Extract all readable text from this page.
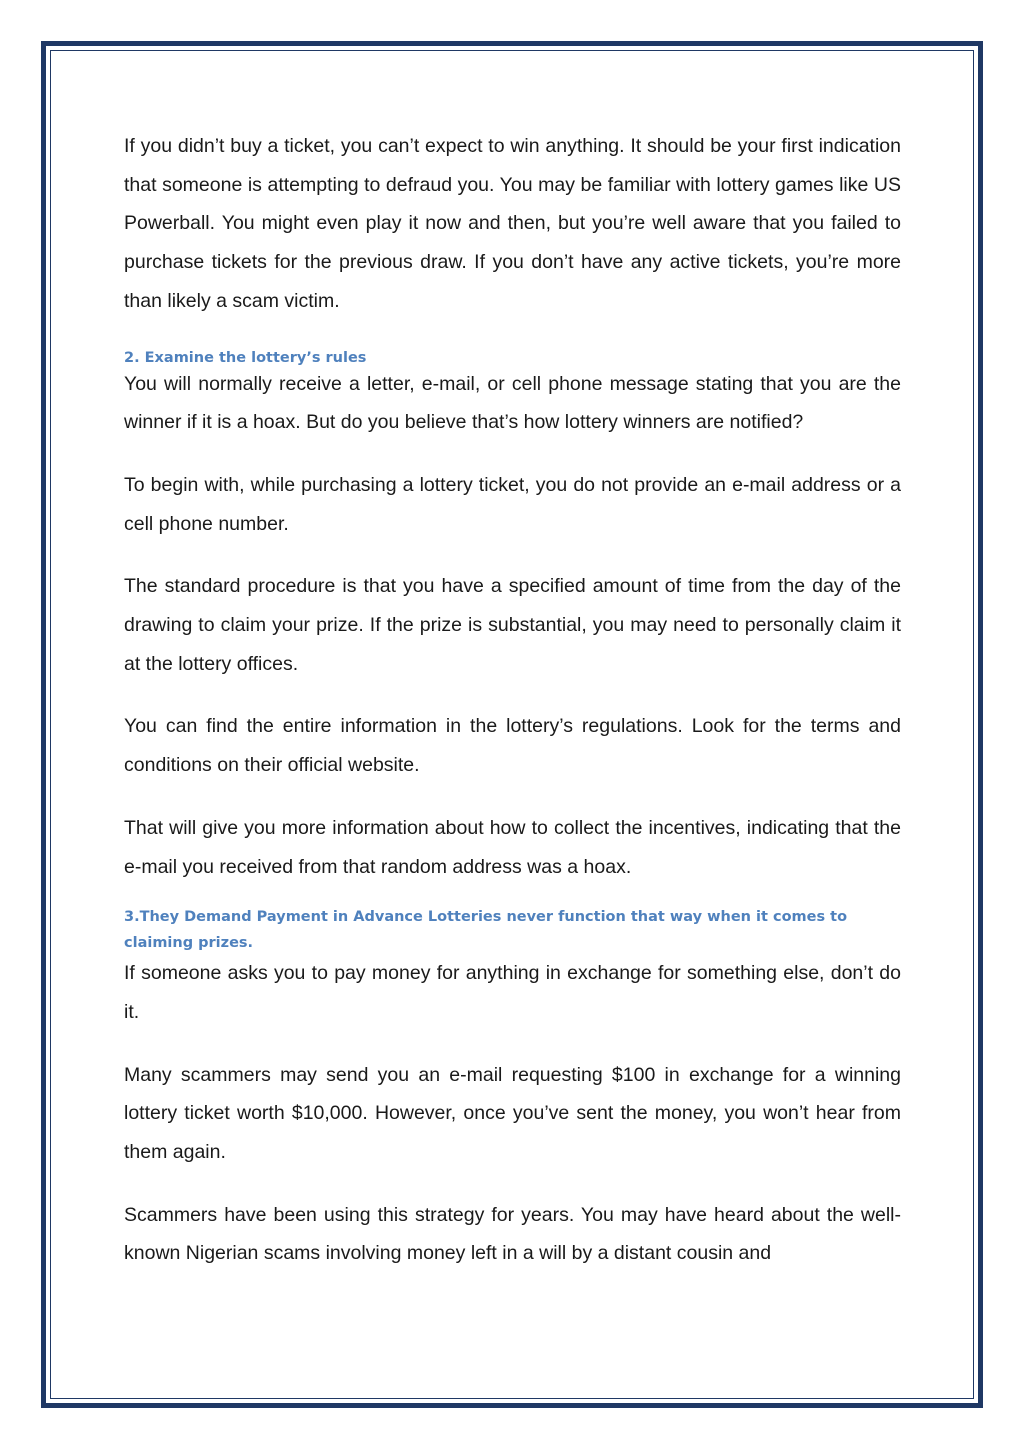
If you didn’t buy a ticket, you can’t expect to win anything. It should be your first indication that someone is attempting to defraud you. You may be familiar with lottery games like US Powerball. You might even play it now and then, but you’re well aware that you failed to purchase tickets for the previous draw. If you don’t have any active tickets, you’re more than likely a scam victim.

2. Examine the lottery’s rules

You will normally receive a letter, e-mail, or cell phone message stating that you are the winner if it is a hoax. But do you believe that’s how lottery winners are notified?

To begin with, while purchasing a lottery ticket, you do not provide an e-mail address or a cell phone number.

The standard procedure is that you have a specified amount of time from the day of the drawing to claim your prize. If the prize is substantial, you may need to personally claim it at the lottery offices.

You can find the entire information in the lottery’s regulations. Look for the terms and conditions on their official website.

That will give you more information about how to collect the incentives, indicating that the e-mail you received from that random address was a hoax.

3.They Demand Payment in Advance Lotteries never function that way when it comes to claiming prizes.

If someone asks you to pay money for anything in exchange for something else, don’t do it.

Many scammers may send you an e-mail requesting $100 in exchange for a winning lottery ticket worth $10,000. However, once you’ve sent the money, you won’t hear from them again.

Scammers have been using this strategy for years. You may have heard about the well-known Nigerian scams involving money left in a will by a distant cousin and
